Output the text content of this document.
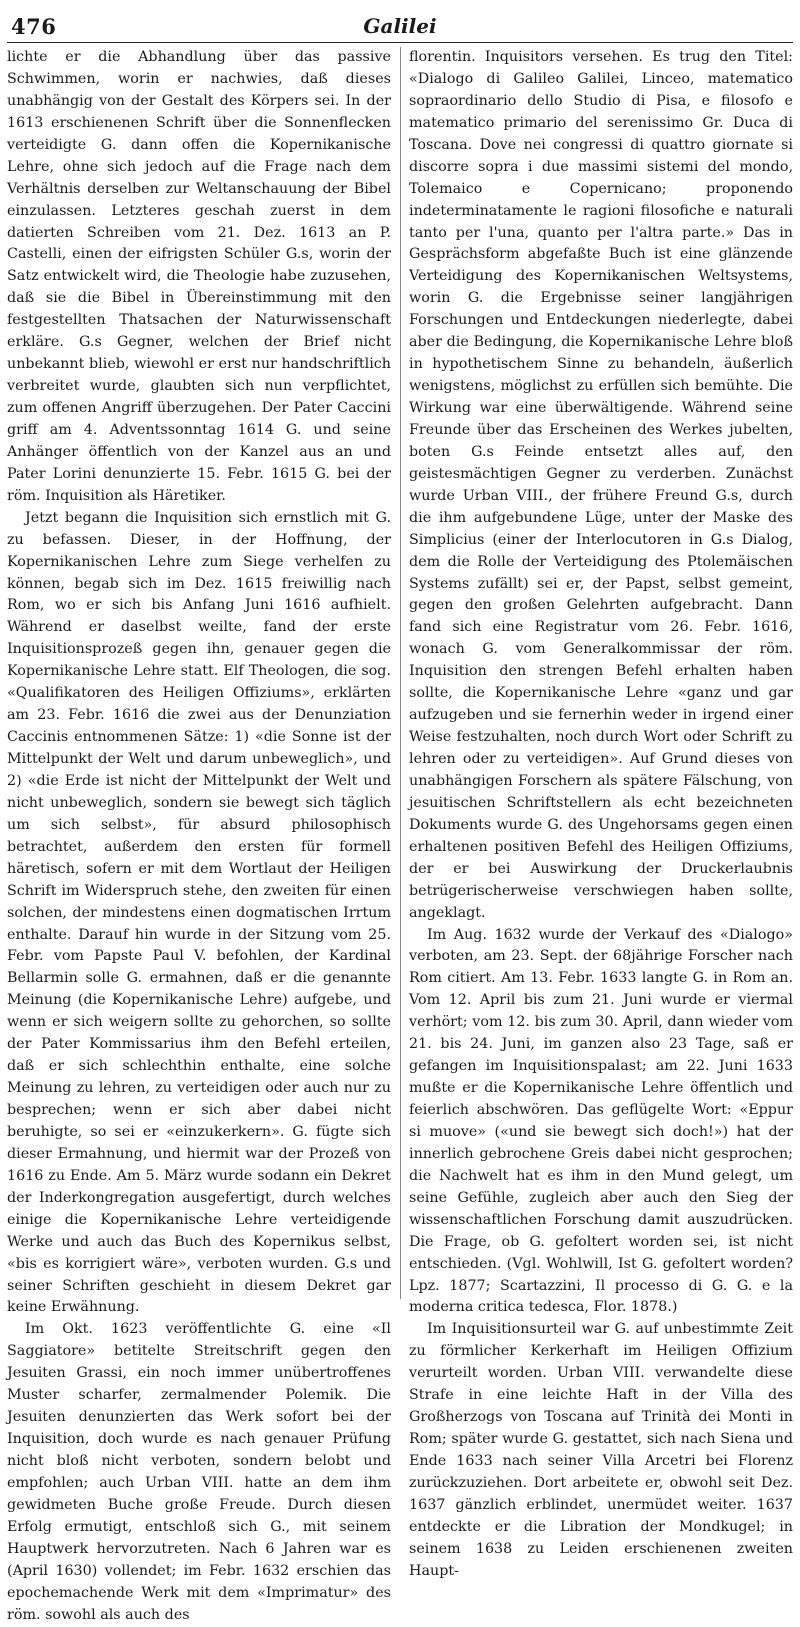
476	Galilei

lichte er die Abhandlung über das passive Schwimmen, worin er nachwies, daß dieses unabhängig von der Gestalt des Körpers sei. In der 1613 erschienenen Schrift über die Sonnenflecken verteidigte G. dann offen die Kopernikanische Lehre, ohne sich jedoch auf die Frage nach dem Verhältnis derselben zur Weltanschauung der Bibel einzulassen. Letzteres geschah zuerst in dem datierten Schreiben vom 21. Dez. 1613 an P. Castelli, einen der eifrigsten Schüler G.s, worin der Satz entwickelt wird, die Theologie habe zuzusehen, daß sie die Bibel in Übereinstimmung mit den festgestellten Thatsachen der Naturwissenschaft erkläre. G.s Gegner, welchen der Brief nicht unbekannt blieb, wiewohl er erst nur handschriftlich verbreitet wurde, glaubten sich nun verpflichtet, zum offenen Angriff überzugehen. Der Pater Caccini griff am 4. Adventssonntag 1614 G. und seine Anhänger öffentlich von der Kanzel aus an und Pater Lorini denunzierte 15. Febr. 1615 G. bei der röm. Inquisition als Häretiker.

Jetzt begann die Inquisition sich ernstlich mit G. zu befassen. Dieser, in der Hoffnung, der Kopernikanischen Lehre zum Siege verhelfen zu können, begab sich im Dez. 1615 freiwillig nach Rom, wo er sich bis Anfang Juni 1616 aufhielt. Während er daselbst weilte, fand der erste Inquisitionsprozeß gegen ihn, genauer gegen die Kopernikanische Lehre statt. Elf Theologen, die sog. «Qualifikatoren des Heiligen Offiziums», erklärten am 23. Febr. 1616 die zwei aus der Denunziation Caccinis entnommenen Sätze: 1) «die Sonne ist der Mittelpunkt der Welt und darum unbeweglich», und 2) «die Erde ist nicht der Mittelpunkt der Welt und nicht unbeweglich, sondern sie bewegt sich täglich um sich selbst», für absurd philosophisch betrachtet, außerdem den ersten für formell häretisch, sofern er mit dem Wortlaut der Heiligen Schrift im Widerspruch stehe, den zweiten für einen solchen, der mindestens einen dogmatischen Irrtum enthalte. Darauf hin wurde in der Sitzung vom 25. Febr. vom Papste Paul V. befohlen, der Kardinal Bellarmin solle G. ermahnen, daß er die genannte Meinung (die Kopernikanische Lehre) aufgebe, und wenn er sich weigern sollte zu gehorchen, so sollte der Pater Kommissarius ihm den Befehl erteilen, daß er sich schlechthin enthalte, eine solche Meinung zu lehren, zu verteidigen oder auch nur zu besprechen; wenn er sich aber dabei nicht beruhigte, so sei er «einzukerkern». G. fügte sich dieser Ermahnung, und hiermit war der Prozeß von 1616 zu Ende. Am 5. März wurde sodann ein Dekret der Inderkongregation ausgefertigt, durch welches einige die Kopernikanische Lehre verteidigende Werke und auch das Buch des Kopernikus selbst, «bis es korrigiert wäre», verboten wurden. G.s und seiner Schriften geschieht in diesem Dekret gar keine Erwähnung.

Im Okt. 1623 veröffentlichte G. eine «Il Saggiatore» betitelte Streitschrift gegen den Jesuiten Grassi, ein noch immer unübertroffenes Muster scharfer, zermalmender Polemik. Die Jesuiten denunzierten das Werk sofort bei der Inquisition, doch wurde es nach genauer Prüfung nicht bloß nicht verboten, sondern belobt und empfohlen; auch Urban VIII. hatte an dem ihm gewidmeten Buche große Freude. Durch diesen Erfolg ermutigt, entschloß sich G., mit seinem Hauptwerk hervorzutreten. Nach 6 Jahren war es (April 1630) vollendet; im Febr. 1632 erschien das epochemachende Werk mit dem «Imprimatur» des röm. sowohl als auch des

florentin. Inquisitors versehen. Es trug den Titel: «Dialogo di Galileo Galilei, Linceo, matematico sopraordinario dello Studio di Pisa, e filosofo e matematico primario del serenissimo Gr. Duca di Toscana. Dove nei congressi di quattro giornate si discorre sopra i due massimi sistemi del mondo, Tolemaico e Copernicano; proponendo indeterminatamente le ragioni filosofiche e naturali tanto per l'una, quanto per l'altra parte.» Das in Gesprächsform abgefaßte Buch ist eine glänzende Verteidigung des Kopernikanischen Weltsystems, worin G. die Ergebnisse seiner langjährigen Forschungen und Entdeckungen niederlegte, dabei aber die Bedingung, die Kopernikanische Lehre bloß in hypothetischem Sinne zu behandeln, äußerlich wenigstens, möglichst zu erfüllen sich bemühte. Die Wirkung war eine überwältigende. Während seine Freunde über das Erscheinen des Werkes jubelten, boten G.s Feinde entsetzt alles auf, den geistesmächtigen Gegner zu verderben. Zunächst wurde Urban VIII., der frühere Freund G.s, durch die ihm aufgebundene Lüge, unter der Maske des Simplicius (einer der Interlocutoren in G.s Dialog, dem die Rolle der Verteidigung des Ptolemäischen Systems zufällt) sei er, der Papst, selbst gemeint, gegen den großen Gelehrten aufgebracht. Dann fand sich eine Registratur vom 26. Febr. 1616, wonach G. vom Generalkommissar der röm. Inquisition den strengen Befehl erhalten haben sollte, die Kopernikanische Lehre «ganz und gar aufzugeben und sie fernerhin weder in irgend einer Weise festzuhalten, noch durch Wort oder Schrift zu lehren oder zu verteidigen». Auf Grund dieses von unabhängigen Forschern als spätere Fälschung, von jesuitischen Schriftstellern als echt bezeichneten Dokuments wurde G. des Ungehorsams gegen einen erhaltenen positiven Befehl des Heiligen Offiziums, der er bei Auswirkung der Druckerlaubnis betrügerischerweise verschwiegen haben sollte, angeklagt.

Im Aug. 1632 wurde der Verkauf des «Dialogo» verboten, am 23. Sept. der 68jährige Forscher nach Rom citiert. Am 13. Febr. 1633 langte G. in Rom an. Vom 12. April bis zum 21. Juni wurde er viermal verhört; vom 12. bis zum 30. April, dann wieder vom 21. bis 24. Juni, im ganzen also 23 Tage, saß er gefangen im Inquisitionspalast; am 22. Juni 1633 mußte er die Kopernikanische Lehre öffentlich und feierlich abschwören. Das geflügelte Wort: «Eppur si muove» («und sie bewegt sich doch!») hat der innerlich gebrochene Greis dabei nicht gesprochen; die Nachwelt hat es ihm in den Mund gelegt, um seine Gefühle, zugleich aber auch den Sieg der wissenschaftlichen Forschung damit auszudrücken. Die Frage, ob G. gefoltert worden sei, ist nicht entschieden. (Vgl. Wohlwill, Ist G. gefoltert worden? Lpz. 1877; Scartazzini, Il processo di G. G. e la moderna critica tedesca, Flor. 1878.)

Im Inquisitionsurteil war G. auf unbestimmte Zeit zu förmlicher Kerkerhaft im Heiligen Offizium verurteilt worden. Urban VIII. verwandelte diese Strafe in eine leichte Haft in der Villa des Großherzogs von Toscana auf Trinità dei Monti in Rom; später wurde G. gestattet, sich nach Siena und Ende 1633 nach seiner Villa Arcetri bei Florenz zurückzuziehen. Dort arbeitete er, obwohl seit Dez. 1637 gänzlich erblindet, unermüdet weiter. 1637 entdeckte er die Libration der Mondkugel; in seinem 1638 zu Leiden erschienenen zweiten Haupt-
